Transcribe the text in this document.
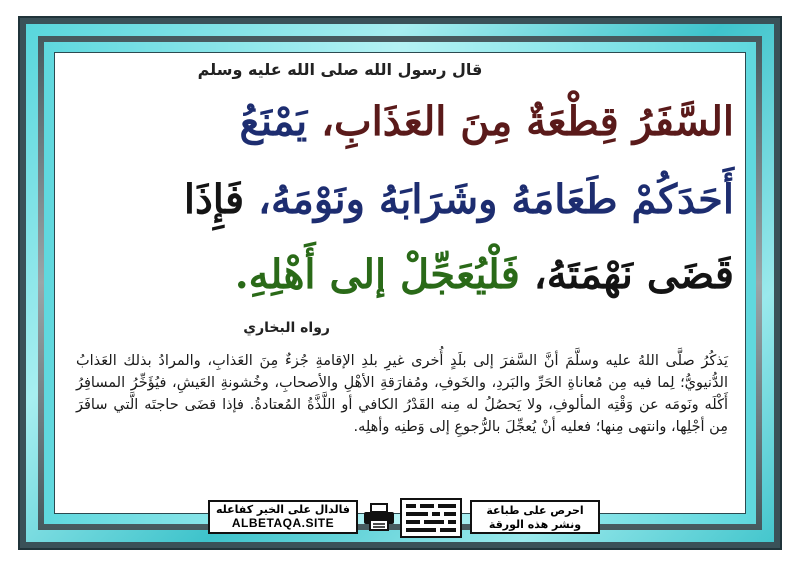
قال رسول الله صلى الله عليه وسلم
السَّفَرُ قِطْعَةٌ مِنَ العَذَابِ، يَمْنَعُ
أَحَدَكُمْ طَعَامَهُ وشَرَابَهُ ونَوْمَهُ، فَإِذَا
قَضَى نَهْمَتَهُ، فَلْيُعَجِّلْ إلى أَهْلِهِ.
رواه البخاري
يَذكُرُ صلَّى اللهُ عليه وسلَّمَ أنَّ السَّفرَ إلى بلَدٍ أُخرى غيرِ بلدِ الإقامةِ جُزءٌ مِنَ العَذابِ، والمرادُ بذلك العَذابُ الدُّنيويُّ؛ لِما فيه مِن مُعاناةِ الحَرِّ والبَردِ، والخَوفِ، ومُفارَقةِ الأهْلِ والأصحابِ، وخُشونةِ العَيشِ، فيُؤَخِّرُ المسافِرُ أَكْلَه ونَومَه عن وَقْتِه المألوفِ، ولا يَحصُلُ له مِنه القَدْرُ الكافي أو اللَّذَّةُ المُعتادةُ. فإذا قضَى حاجتَه الَّتي سافَرَ مِن أجْلِها، وانتهى مِنها؛ فعليه أنْ يُعجِّلَ بالرُّجوعِ إلى وَطنِه وأهلِه.
احرص على طباعة
ونشر هذه الورقة
فالدال على الخير كفاعله
ALBETAQA.SITE
